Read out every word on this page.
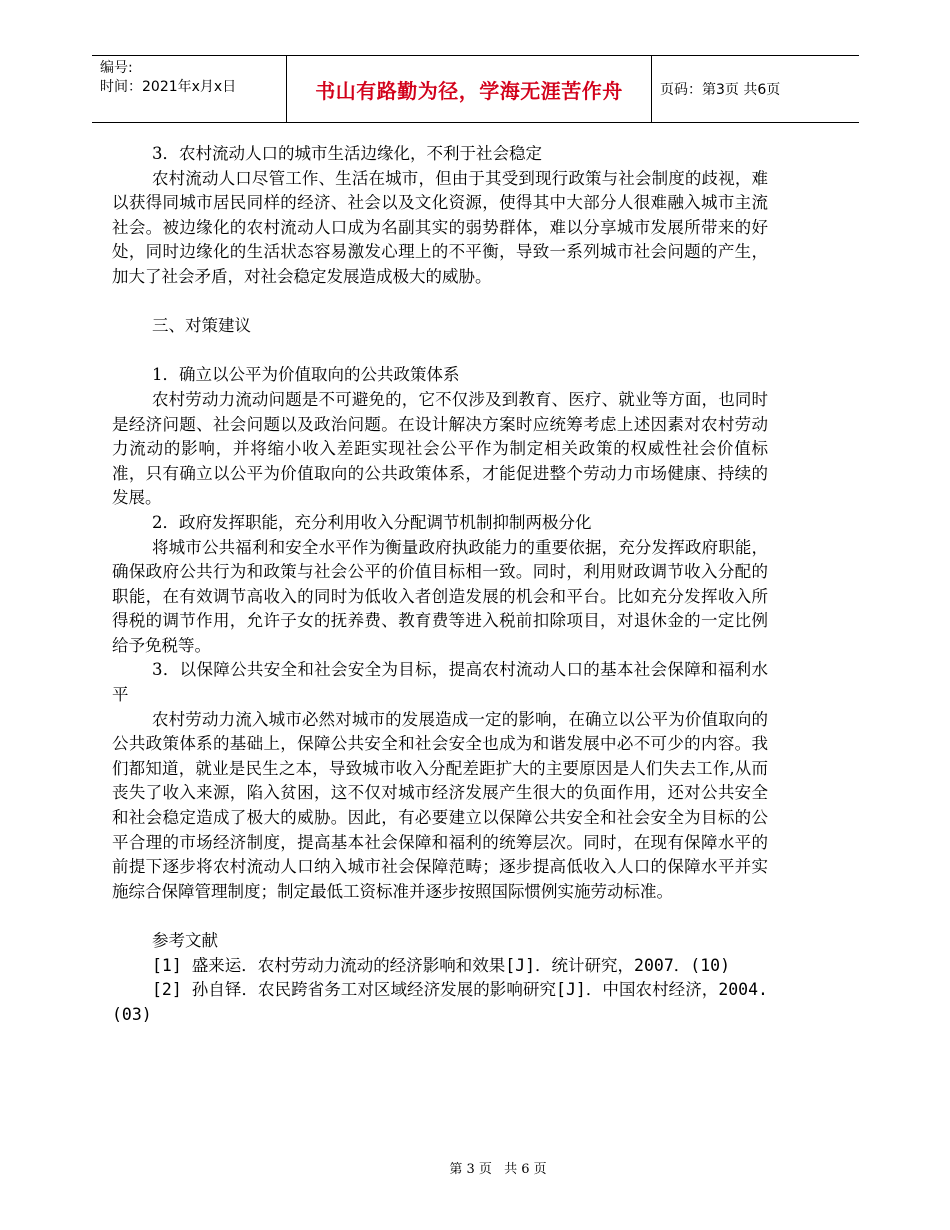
编号:
时间：2021年x月x日	书山有路勤为径，学海无涯苦作舟	页码：第3页 共6页

3．农村流动人口的城市生活边缘化，不利于社会稳定

农村流动人口尽管工作、生活在城市，但由于其受到现行政策与社会制度的歧视，难以获得同城市居民同样的经济、社会以及文化资源，使得其中大部分人很难融入城市主流社会。被边缘化的农村流动人口成为名副其实的弱势群体，难以分享城市发展所带来的好处，同时边缘化的生活状态容易激发心理上的不平衡，导致一系列城市社会问题的产生，加大了社会矛盾，对社会稳定发展造成极大的威胁。

三、对策建议

1．确立以公平为价值取向的公共政策体系

农村劳动力流动问题是不可避免的，它不仅涉及到教育、医疗、就业等方面，也同时是经济问题、社会问题以及政治问题。在设计解决方案时应统筹考虑上述因素对农村劳动力流动的影响，并将缩小收入差距实现社会公平作为制定相关政策的权威性社会价值标准，只有确立以公平为价值取向的公共政策体系，才能促进整个劳动力市场健康、持续的发展。

2．政府发挥职能，充分利用收入分配调节机制抑制两极分化

将城市公共福利和安全水平作为衡量政府执政能力的重要依据，充分发挥政府职能，确保政府公共行为和政策与社会公平的价值目标相一致。同时，利用财政调节收入分配的职能，在有效调节高收入的同时为低收入者创造发展的机会和平台。比如充分发挥收入所得税的调节作用，允许子女的抚养费、教育费等进入税前扣除项目，对退休金的一定比例给予免税等。

3．以保障公共安全和社会安全为目标，提高农村流动人口的基本社会保障和福利水平

农村劳动力流入城市必然对城市的发展造成一定的影响，在确立以公平为价值取向的公共政策体系的基础上，保障公共安全和社会安全也成为和谐发展中必不可少的内容。我们都知道，就业是民生之本，导致城市收入分配差距扩大的主要原因是人们失去工作,从而丧失了收入来源，陷入贫困，这不仅对城市经济发展产生很大的负面作用，还对公共安全和社会稳定造成了极大的威胁。因此，有必要建立以保障公共安全和社会安全为目标的公平合理的市场经济制度，提高基本社会保障和福利的统筹层次。同时，在现有保障水平的前提下逐步将农村流动人口纳入城市社会保障范畴；逐步提高低收入人口的保障水平并实施综合保障管理制度；制定最低工资标准并逐步按照国际惯例实施劳动标准。

参考文献

[1] 盛来运．农村劳动力流动的经济影响和效果[J]．统计研究，2007．(10)

[2] 孙自铎．农民跨省务工对区域经济发展的影响研究[J]．中国农村经济，2004.(03)

第 3 页 共 6 页
